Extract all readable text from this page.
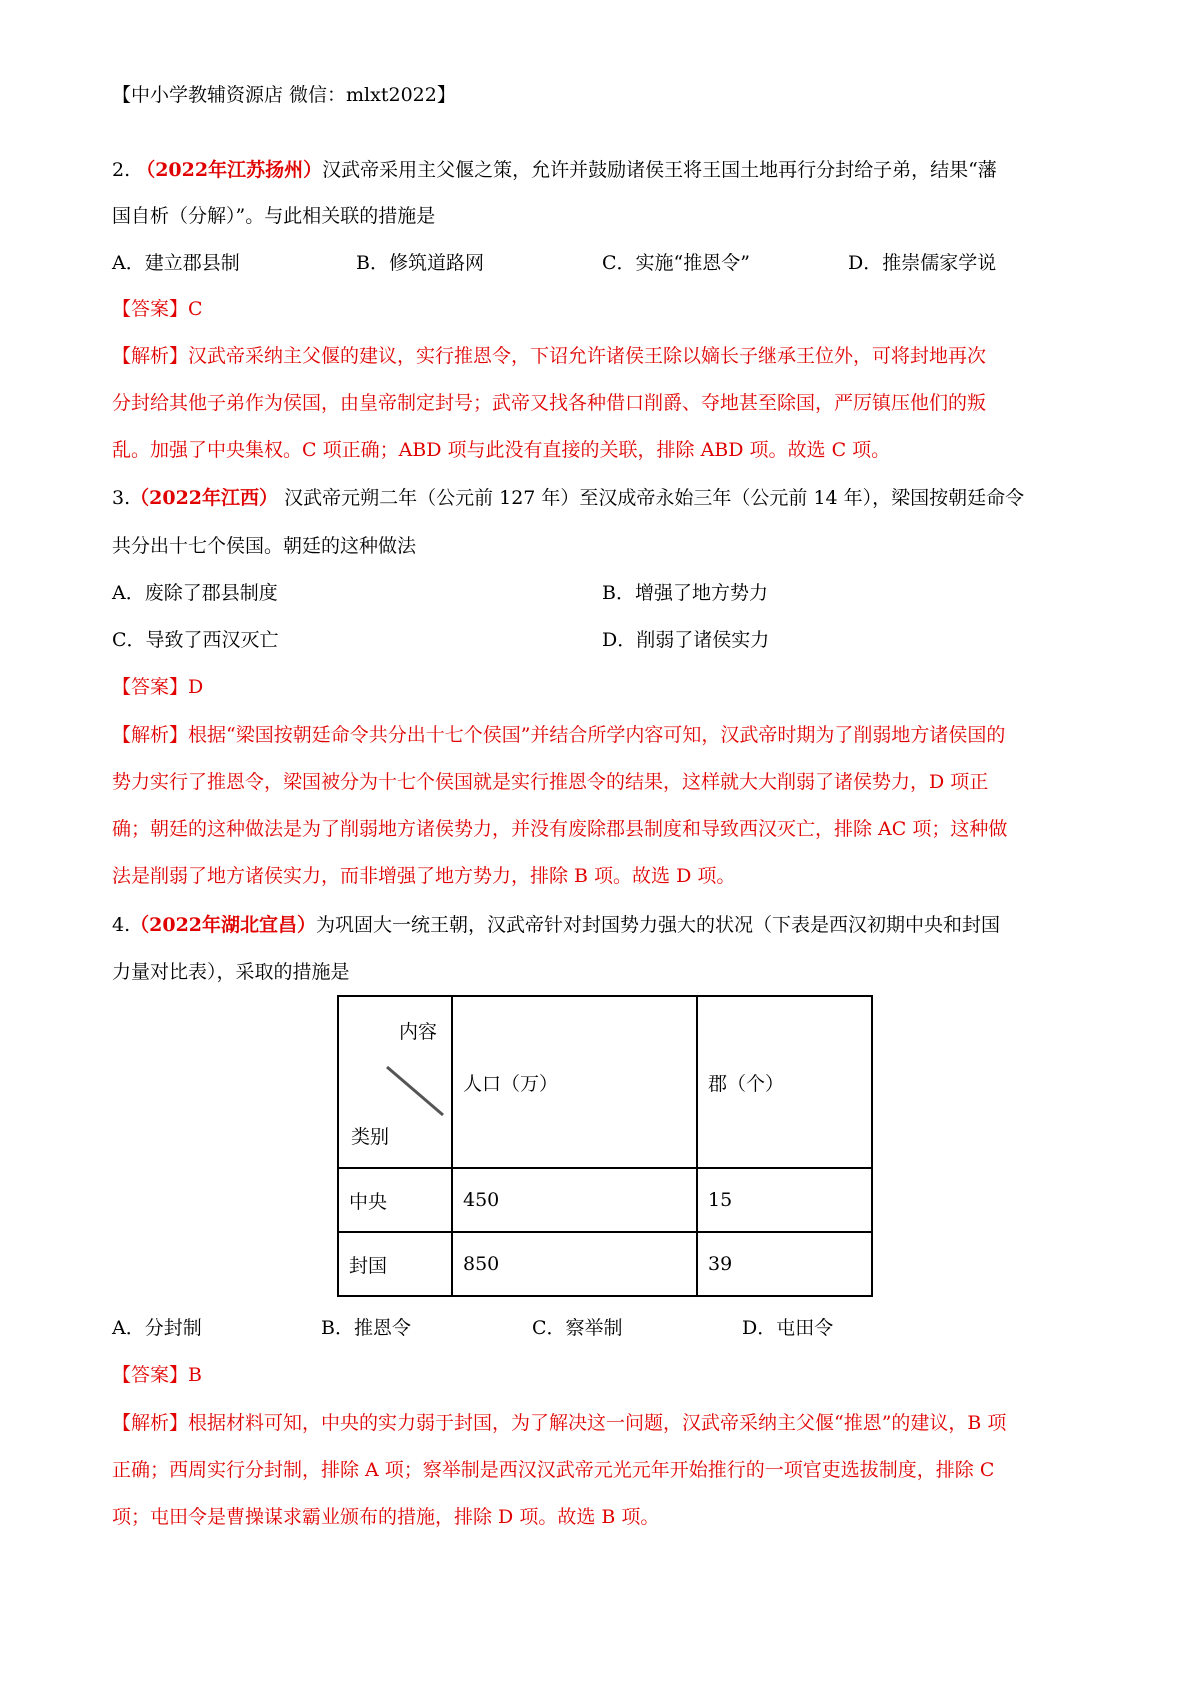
【中小学教辅资源店 微信：mlxt2022】
2. （2022年江苏扬州）汉武帝采用主父偃之策，允许并鼓励诸侯王将王国土地再行分封给子弟，结果“藩
国自析（分解）”。与此相关联的措施是
A．建立郡县制	B．修筑道路网	C．实施“推恩令”	D．推崇儒家学说
【答案】C
【解析】汉武帝采纳主父偃的建议，实行推恩令，下诏允许诸侯王除以嫡长子继承王位外，可将封地再次
分封给其他子弟作为侯国，由皇帝制定封号；武帝又找各种借口削爵、夺地甚至除国，严厉镇压他们的叛
乱。加强了中央集权。C 项正确；ABD 项与此没有直接的关联，排除 ABD 项。故选 C 项。
3.（2022年江西） 汉武帝元朔二年（公元前 127 年）至汉成帝永始三年（公元前 14 年），梁国按朝廷命令
共分出十七个侯国。朝廷的这种做法
A．废除了郡县制度	B．增强了地方势力
C．导致了西汉灭亡	D．削弱了诸侯实力
【答案】D
【解析】根据“梁国按朝廷命令共分出十七个侯国”并结合所学内容可知，汉武帝时期为了削弱地方诸侯国的
势力实行了推恩令，梁国被分为十七个侯国就是实行推恩令的结果，这样就大大削弱了诸侯势力，D 项正
确；朝廷的这种做法是为了削弱地方诸侯势力，并没有废除郡县制度和导致西汉灭亡，排除 AC 项；这种做
法是削弱了地方诸侯实力，而非增强了地方势力，排除 B 项。故选 D 项。
4.（2022年湖北宜昌）为巩固大一统王朝，汉武帝针对封国势力强大的状况（下表是西汉初期中央和封国
力量对比表），采取的措施是
内容
类别	人口（万）	郡（个）
中央	450	15
封国	850	39
A．分封制	B．推恩令	C．察举制	D．屯田令
【答案】B
【解析】根据材料可知，中央的实力弱于封国，为了解决这一问题，汉武帝采纳主父偃“推恩”的建议，B 项
正确；西周实行分封制，排除 A 项；察举制是西汉汉武帝元光元年开始推行的一项官吏选拔制度，排除 C
项；屯田令是曹操谋求霸业颁布的措施，排除 D 项。故选 B 项。
